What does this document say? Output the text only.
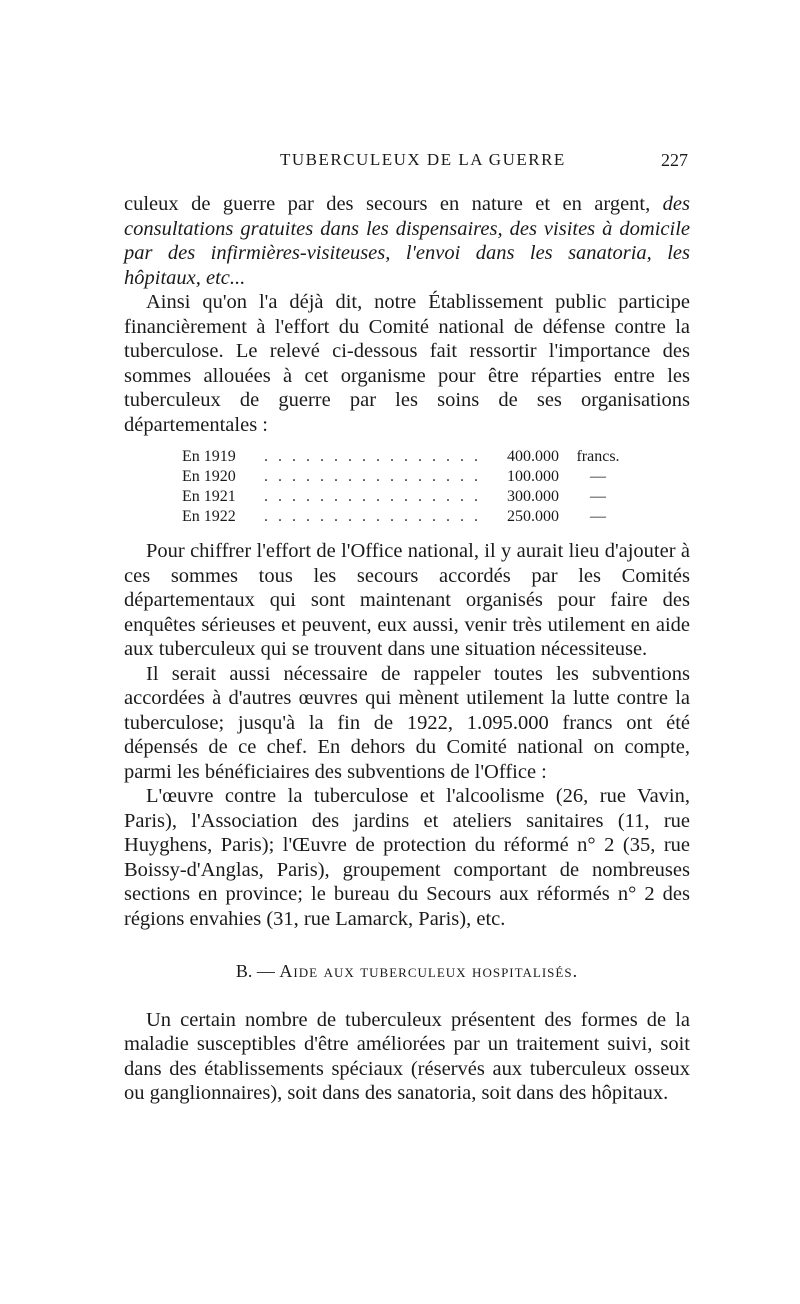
TUBERCULEUX DE LA GUERRE	227

culeux de guerre par des secours en nature et en argent, des consultations gratuites dans les dispensaires, des visites à domicile par des infirmières-visiteuses, l'envoi dans les sanatoria, les hôpitaux, etc...

Ainsi qu'on l'a déjà dit, notre Établissement public participe financièrement à l'effort du Comité national de défense contre la tuberculose. Le relevé ci-dessous fait ressortir l'importance des sommes allouées à cet organisme pour être réparties entre les tuberculeux de guerre par les soins de ses organisations départementales :

En 1919 . . .	400.000	francs.
En 1920 . . .	100.000	—
En 1921 . . .	300.000	—
En 1922 . . .	250.000	—

Pour chiffrer l'effort de l'Office national, il y aurait lieu d'ajouter à ces sommes tous les secours accordés par les Comités départementaux qui sont maintenant organisés pour faire des enquêtes sérieuses et peuvent, eux aussi, venir très utilement en aide aux tuberculeux qui se trouvent dans une situation nécessiteuse.

Il serait aussi nécessaire de rappeler toutes les subventions accordées à d'autres œuvres qui mènent utilement la lutte contre la tuberculose; jusqu'à la fin de 1922, 1.095.000 francs ont été dépensés de ce chef. En dehors du Comité national on compte, parmi les bénéficiaires des subventions de l'Office :

L'œuvre contre la tuberculose et l'alcoolisme (26, rue Vavin, Paris), l'Association des jardins et ateliers sanitaires (11, rue Huyghens, Paris); l'Œuvre de protection du réformé n° 2 (35, rue Boissy-d'Anglas, Paris), groupement comportant de nombreuses sections en province; le bureau du Secours aux réformés n° 2 des régions envahies (31, rue Lamarck, Paris), etc.

B. — Aide aux tuberculeux hospitalisés.

Un certain nombre de tuberculeux présentent des formes de la maladie susceptibles d'être améliorées par un traitement suivi, soit dans des établissements spéciaux (réservés aux tuberculeux osseux ou ganglionnaires), soit dans des sanatoria, soit dans des hôpitaux.
